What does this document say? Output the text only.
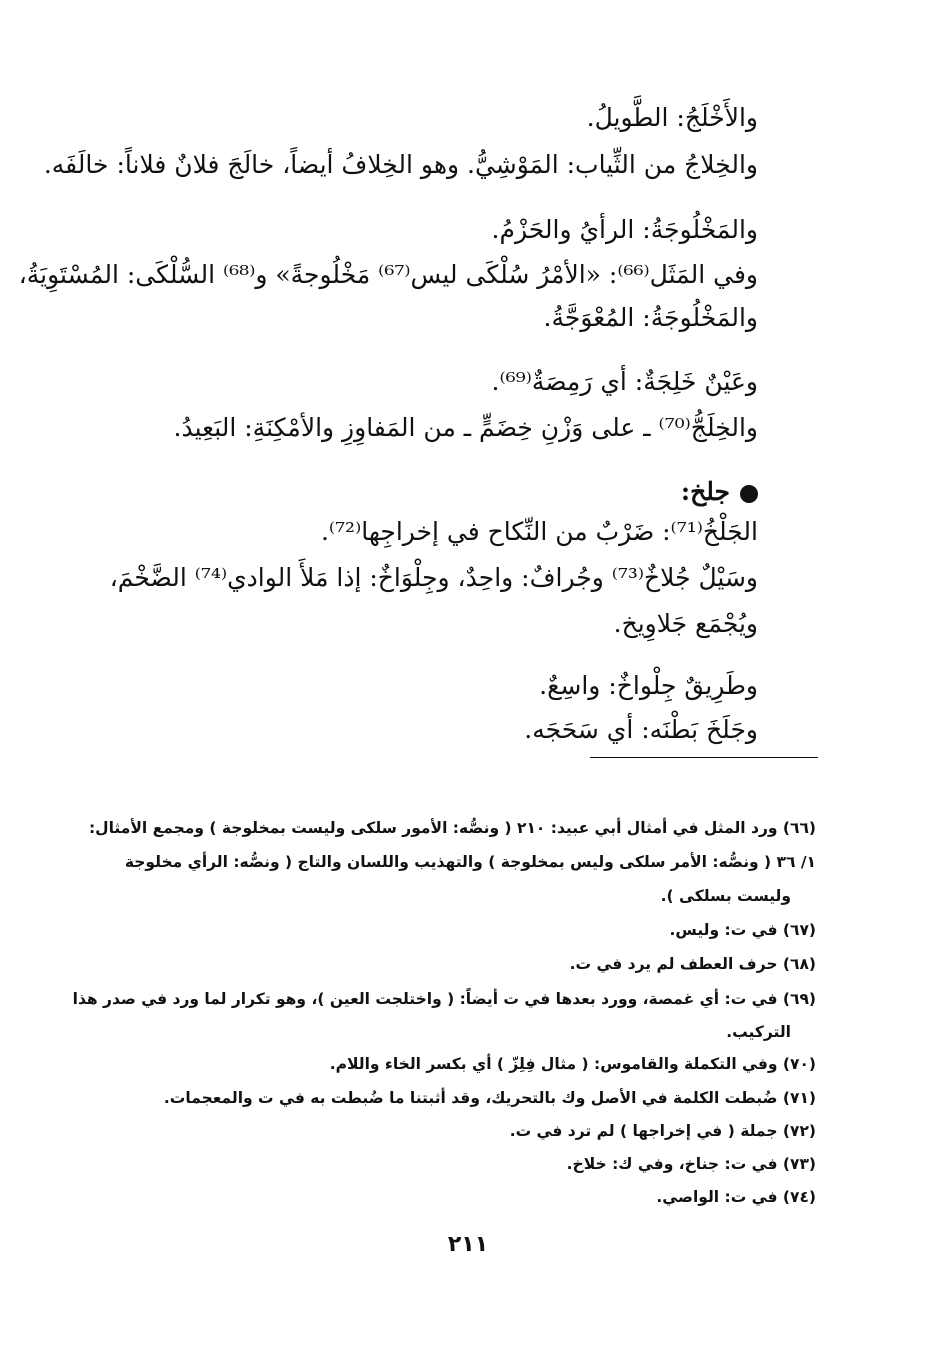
والأَخْلَجُ: الطَّويلُ.
والخِلاجُ من الثِّياب: المَوْشِيُّ. وهو الخِلافُ أيضاً، خالَجَ فلانٌ فلاناً: خالَفَه.
والمَخْلُوجَةُ: الرأيُ والحَزْمُ.
وفي المَثَل⁽⁶⁶⁾: «الأمْرُ سُلْكَى ليس⁽⁶⁷⁾ مَخْلُوجةً» و⁽⁶⁸⁾ السُّلْكَى: المُسْتَوِيَةُ،
والمَخْلُوجَةُ: المُعْوَجَّةُ.
وعَيْنٌ خَلِجَةٌ: أي رَمِصَةٌ⁽⁶⁹⁾.
والخِلَجُّ⁽⁷⁰⁾ ـ على وَزْنِ خِضَمٍّ ـ من المَفاوِزِ والأمْكِنَةِ: البَعِيدُ.
جلخ:
الجَلْخُ⁽⁷¹⁾: ضَرْبٌ من النِّكاح في إخراجِها⁽⁷²⁾.
وسَيْلٌ جُلاخٌ⁽⁷³⁾ وجُرافٌ: واحِدٌ، وجِلْوَاخٌ: إذا مَلأَ الوادي⁽⁷⁴⁾ الضَّخْمَ،
ويُجْمَع جَلاوِيخ.
وطَرِيقٌ جِلْواخٌ: واسِعٌ.
وجَلَخَ بَطْنَه: أي سَحَجَه.
(٦٦) ورد المثل في أمثال أبي عبيد: ٢١٠ ( ونصُّه: الأمور سلكى وليست بمخلوجة ) ومجمع الأمثال:
١/ ٣٦ ( ونصُّه: الأمر سلكى وليس بمخلوجة ) والتهذيب واللسان والتاج ( ونصُّه: الرأي مخلوجة
وليست بسلكى ).
(٦٧) في ت: وليس.
(٦٨) حرف العطف لم يرد في ت.
(٦٩) في ت: أي غمصة، وورد بعدها في ت أيضاً: ( واختلجت العين )، وهو تكرار لما ورد في صدر هذا
التركيب.
(٧٠) وفي التكملة والقاموس: ( مثال فِلِزّ ) أي بكسر الخاء واللام.
(٧١) ضُبطت الكلمة في الأصل وك بالتحريك، وقد أثبتنا ما ضُبطت به في ت والمعجمات.
(٧٢) جملة ( في إخراجها ) لم ترد في ت.
(٧٣) في ت: جناخ، وفي ك: خلاخ.
(٧٤) في ت: الواصي.
٢١١
